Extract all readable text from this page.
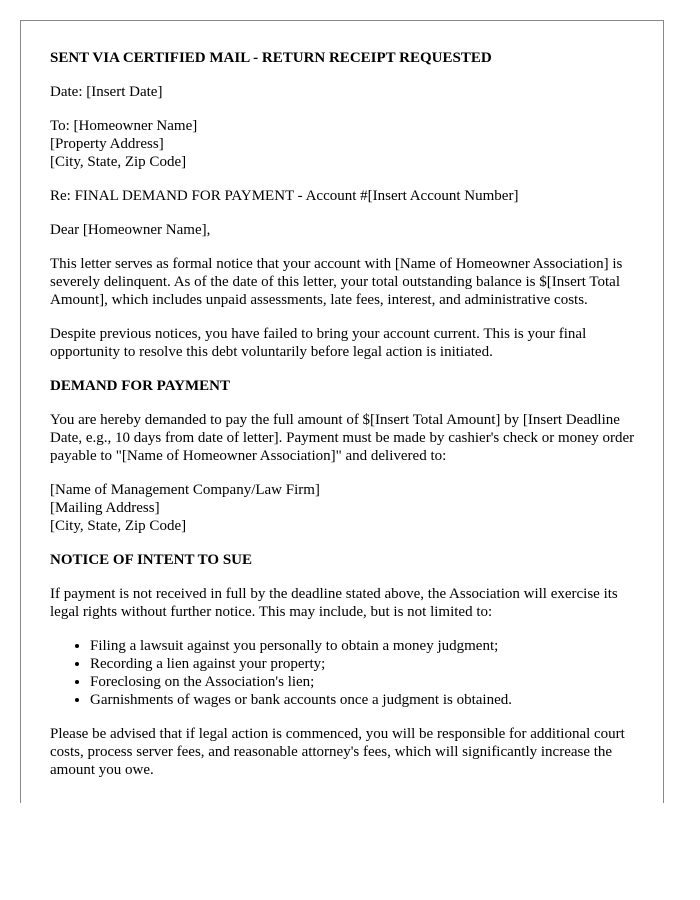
SENT VIA CERTIFIED MAIL - RETURN RECEIPT REQUESTED

Date: [Insert Date]

To: [Homeowner Name]
[Property Address]
[City, State, Zip Code]

Re: FINAL DEMAND FOR PAYMENT - Account #[Insert Account Number]

Dear [Homeowner Name],

This letter serves as formal notice that your account with [Name of Homeowner Association] is severely delinquent. As of the date of this letter, your total outstanding balance is $[Insert Total Amount], which includes unpaid assessments, late fees, interest, and administrative costs.

Despite previous notices, you have failed to bring your account current. This is your final opportunity to resolve this debt voluntarily before legal action is initiated.

DEMAND FOR PAYMENT

You are hereby demanded to pay the full amount of $[Insert Total Amount] by [Insert Deadline Date, e.g., 10 days from date of letter]. Payment must be made by cashier's check or money order payable to "[Name of Homeowner Association]" and delivered to:

[Name of Management Company/Law Firm]
[Mailing Address]
[City, State, Zip Code]

NOTICE OF INTENT TO SUE

If payment is not received in full by the deadline stated above, the Association will exercise its legal rights without further notice. This may include, but is not limited to:

• Filing a lawsuit against you personally to obtain a money judgment;
• Recording a lien against your property;
• Foreclosing on the Association's lien;
• Garnishments of wages or bank accounts once a judgment is obtained.

Please be advised that if legal action is commenced, you will be responsible for additional court costs, process server fees, and reasonable attorney's fees, which will significantly increase the amount you owe.
